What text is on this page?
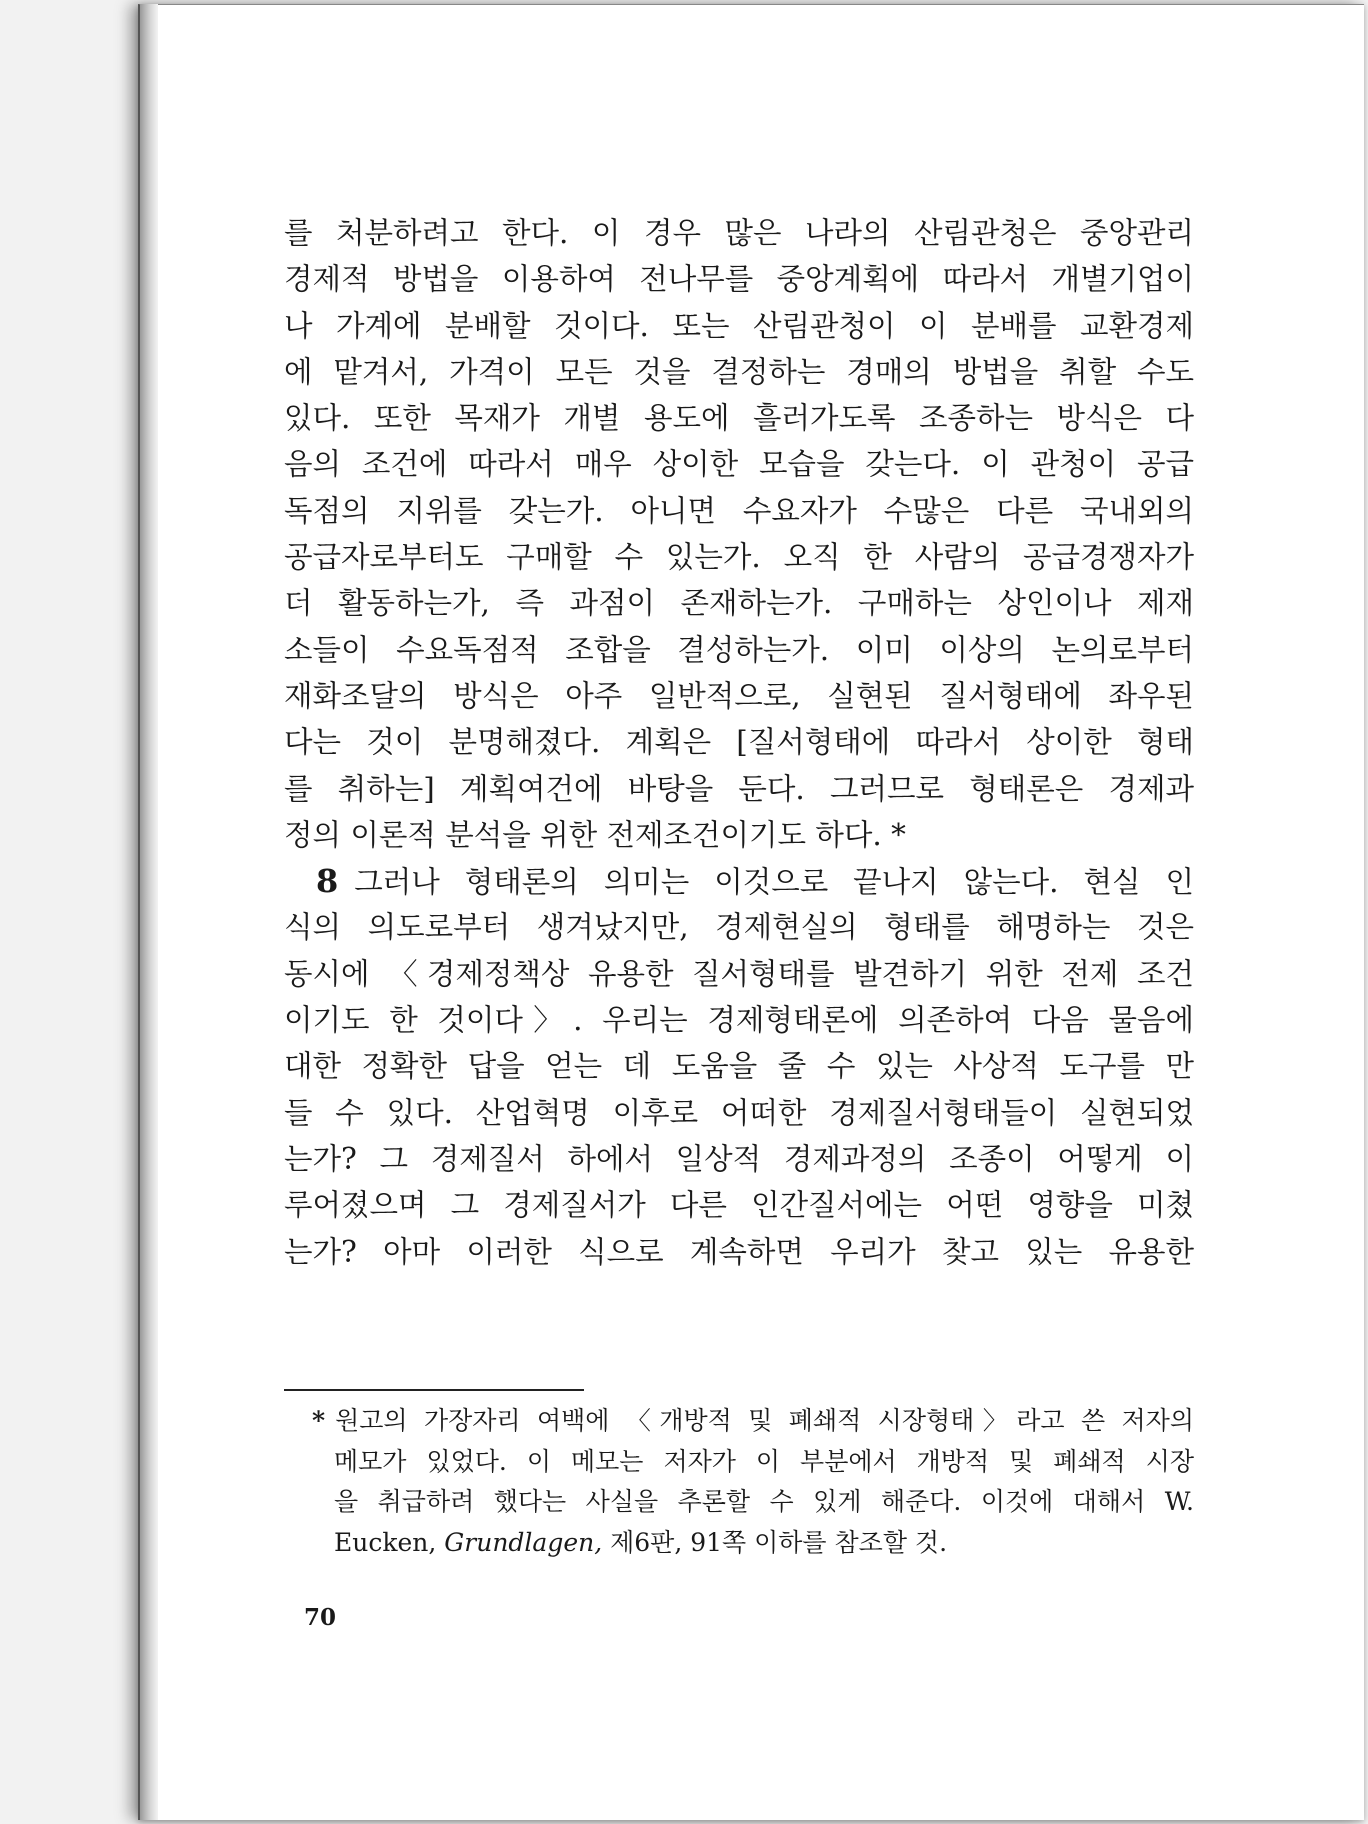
를 처분하려고 한다. 이 경우 많은 나라의 산림관청은 중앙관리
경제적 방법을 이용하여 전나무를 중앙계획에 따라서 개별기업이
나 가계에 분배할 것이다. 또는 산림관청이 이 분배를 교환경제
에 맡겨서, 가격이 모든 것을 결정하는 경매의 방법을 취할 수도
있다. 또한 목재가 개별 용도에 흘러가도록 조종하는 방식은 다
음의 조건에 따라서 매우 상이한 모습을 갖는다. 이 관청이 공급
독점의 지위를 갖는가. 아니면 수요자가 수많은 다른 국내외의
공급자로부터도 구매할 수 있는가. 오직 한 사람의 공급경쟁자가
더 활동하는가, 즉 과점이 존재하는가. 구매하는 상인이나 제재
소들이 수요독점적 조합을 결성하는가. 이미 이상의 논의로부터
재화조달의 방식은 아주 일반적으로, 실현된 질서형태에 좌우된
다는 것이 분명해졌다. 계획은 [질서형태에 따라서 상이한 형태
를 취하는] 계획여건에 바탕을 둔다. 그러므로 형태론은 경제과
정의 이론적 분석을 위한 전제조건이기도 하다. *
8 그러나 형태론의 의미는 이것으로 끝나지 않는다. 현실 인
식의 의도로부터 생겨났지만, 경제현실의 형태를 해명하는 것은
동시에 〈경제정책상 유용한 질서형태를 발견하기 위한 전제 조건
이기도 한 것이다〉. 우리는 경제형태론에 의존하여 다음 물음에
대한 정확한 답을 얻는 데 도움을 줄 수 있는 사상적 도구를 만
들 수 있다. 산업혁명 이후로 어떠한 경제질서형태들이 실현되었
는가? 그 경제질서 하에서 일상적 경제과정의 조종이 어떻게 이
루어졌으며 그 경제질서가 다른 인간질서에는 어떤 영향을 미쳤
는가? 아마 이러한 식으로 계속하면 우리가 찾고 있는 유용한
* 원고의 가장자리 여백에 〈개방적 및 폐쇄적 시장형태〉라고 쓴 저자의
메모가 있었다. 이 메모는 저자가 이 부분에서 개방적 및 폐쇄적 시장
을 취급하려 했다는 사실을 추론할 수 있게 해준다. 이것에 대해서 W.
Eucken, Grundlagen, 제6판, 91쪽 이하를 참조할 것.
70
